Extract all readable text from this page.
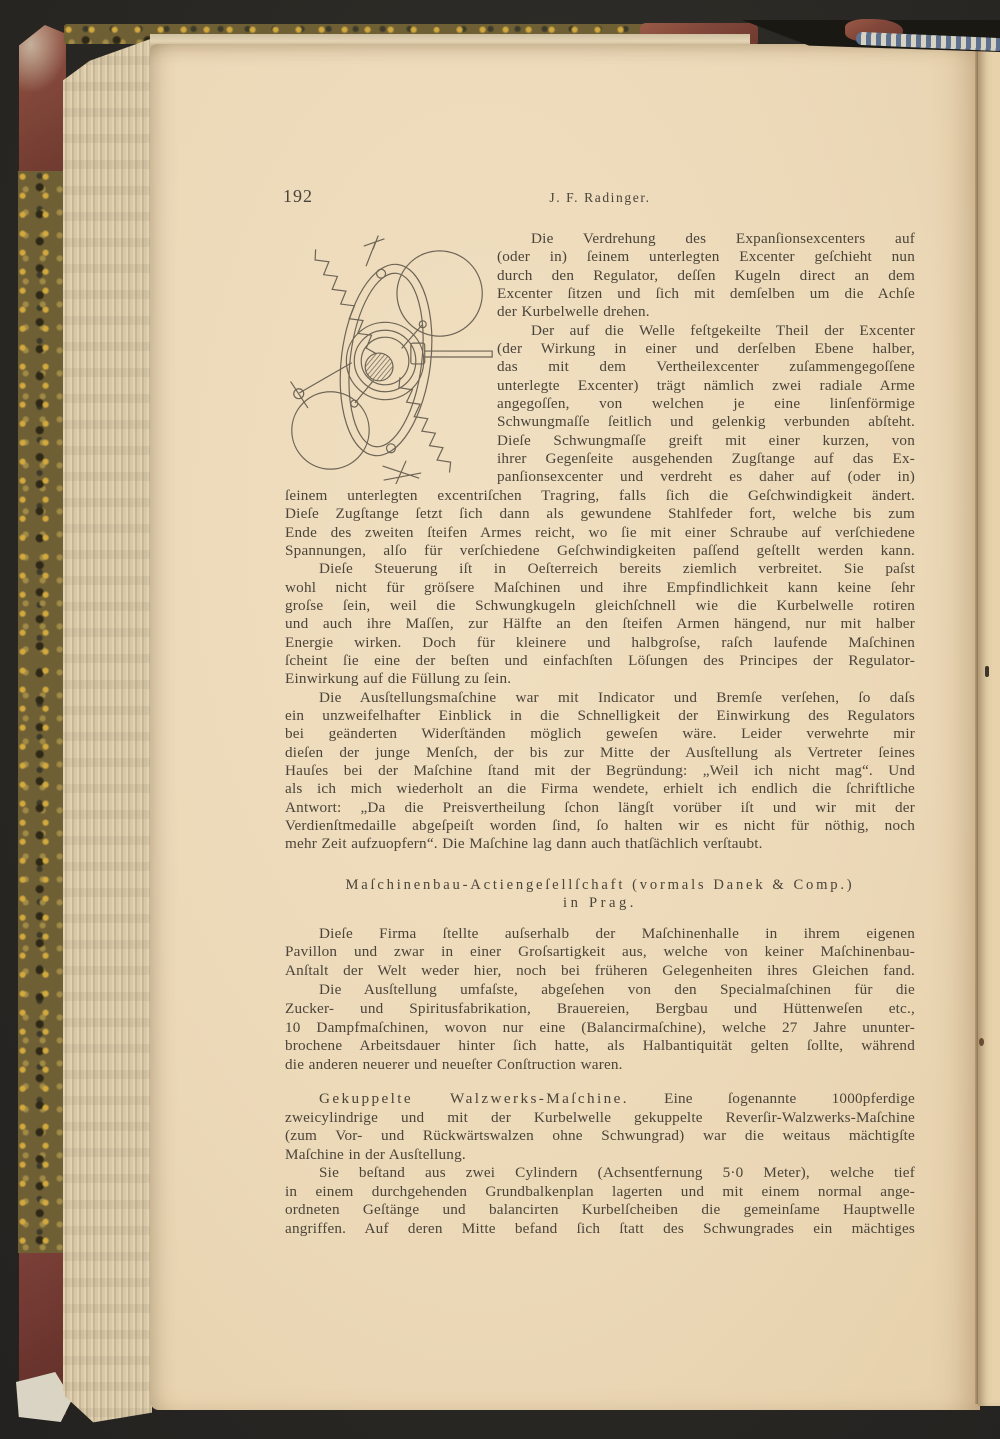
192	J. F. Radinger.
Die Verdrehung des Expanſionsexcenters auf
(oder in) ſeinem unterlegten Excenter geſchieht nun
durch den Regulator, deſſen Kugeln direct an dem
Excenter ſitzen und ſich mit demſelben um die Achſe
der Kurbelwelle drehen.
Der auf die Welle feſtgekeilte Theil der Excenter
(der Wirkung in einer und derſelben Ebene halber,
das mit dem Vertheilexcenter zuſammengegoſſene
unterlegte Excenter) trägt nämlich zwei radiale Arme
angegoſſen, von welchen je eine linſenförmige
Schwungmaſſe ſeitlich und gelenkig verbunden abſteht.
Dieſe Schwungmaſſe greift mit einer kurzen, von
ihrer Gegenſeite ausgehenden Zugſtange auf das Ex-
panſionsexcenter und verdreht es daher auf (oder in)
ſeinem unterlegten excentriſchen Tragring, falls ſich die Geſchwindigkeit ändert.
Dieſe Zugſtange ſetzt ſich dann als gewundene Stahlfeder fort, welche bis zum
Ende des zweiten ſteifen Armes reicht, wo ſie mit einer Schraube auf verſchiedene
Spannungen, alſo für verſchiedene Geſchwindigkeiten paſſend geſtellt werden kann.
Dieſe Steuerung iſt in Oeſterreich bereits ziemlich verbreitet. Sie paſst
wohl nicht für gröſsere Maſchinen und ihre Empfindlichkeit kann keine ſehr
groſse ſein, weil die Schwungkugeln gleichſchnell wie die Kurbelwelle rotiren
und auch ihre Maſſen, zur Hälfte an den ſteifen Armen hängend, nur mit halber
Energie wirken. Doch für kleinere und halbgroſse, raſch laufende Maſchinen
ſcheint ſie eine der beſten und einfachſten Löſungen des Principes der Regulator-
Einwirkung auf die Füllung zu ſein.
Die Ausſtellungsmaſchine war mit Indicator und Bremſe verſehen, ſo daſs
ein unzweifelhafter Einblick in die Schnelligkeit der Einwirkung des Regulators
bei geänderten Widerſtänden möglich geweſen wäre. Leider verwehrte mir
dieſen der junge Menſch, der bis zur Mitte der Ausſtellung als Vertreter ſeines
Hauſes bei der Maſchine ſtand mit der Begründung: „Weil ich nicht mag“. Und
als ich mich wiederholt an die Firma wendete, erhielt ich endlich die ſchriftliche
Antwort: „Da die Preisvertheilung ſchon längſt vorüber iſt und wir mit der
Verdienſtmedaille abgeſpeiſt worden ſind, ſo halten wir es nicht für nöthig, noch
mehr Zeit aufzuopfern“. Die Maſchine lag dann auch thatſächlich verſtaubt.
Maſchinenbau-Actiengeſellſchaft (vormals Danek & Comp.)
in Prag.
Dieſe Firma ſtellte auſserhalb der Maſchinenhalle in ihrem eigenen
Pavillon und zwar in einer Groſsartigkeit aus, welche von keiner Maſchinenbau-
Anſtalt der Welt weder hier, noch bei früheren Gelegenheiten ihres Gleichen fand.
Die Ausſtellung umfaſste, abgeſehen von den Specialmaſchinen für die
Zucker- und Spiritusfabrikation, Brauereien, Bergbau und Hüttenweſen etc.,
10 Dampfmaſchinen, wovon nur eine (Balancirmaſchine), welche 27 Jahre ununter-
brochene Arbeitsdauer hinter ſich hatte, als Halbantiquität gelten ſollte, während
die anderen neuerer und neueſter Conſtruction waren.
Gekuppelte Walzwerks-Maſchine. Eine ſogenannte 1000pferdige
zweicylindrige und mit der Kurbelwelle gekuppelte Reverſir-Walzwerks-Maſchine
(zum Vor- und Rückwärtswalzen ohne Schwungrad) war die weitaus mächtigſte
Maſchine in der Ausſtellung.
Sie beſtand aus zwei Cylindern (Achsentfernung 5·0 Meter), welche tief
in einem durchgehenden Grundbalkenplan lagerten und mit einem normal ange-
ordneten Geſtänge und balancirten Kurbelſcheiben die gemeinſame Hauptwelle
angriffen. Auf deren Mitte befand ſich ſtatt des Schwungrades ein mächtiges
